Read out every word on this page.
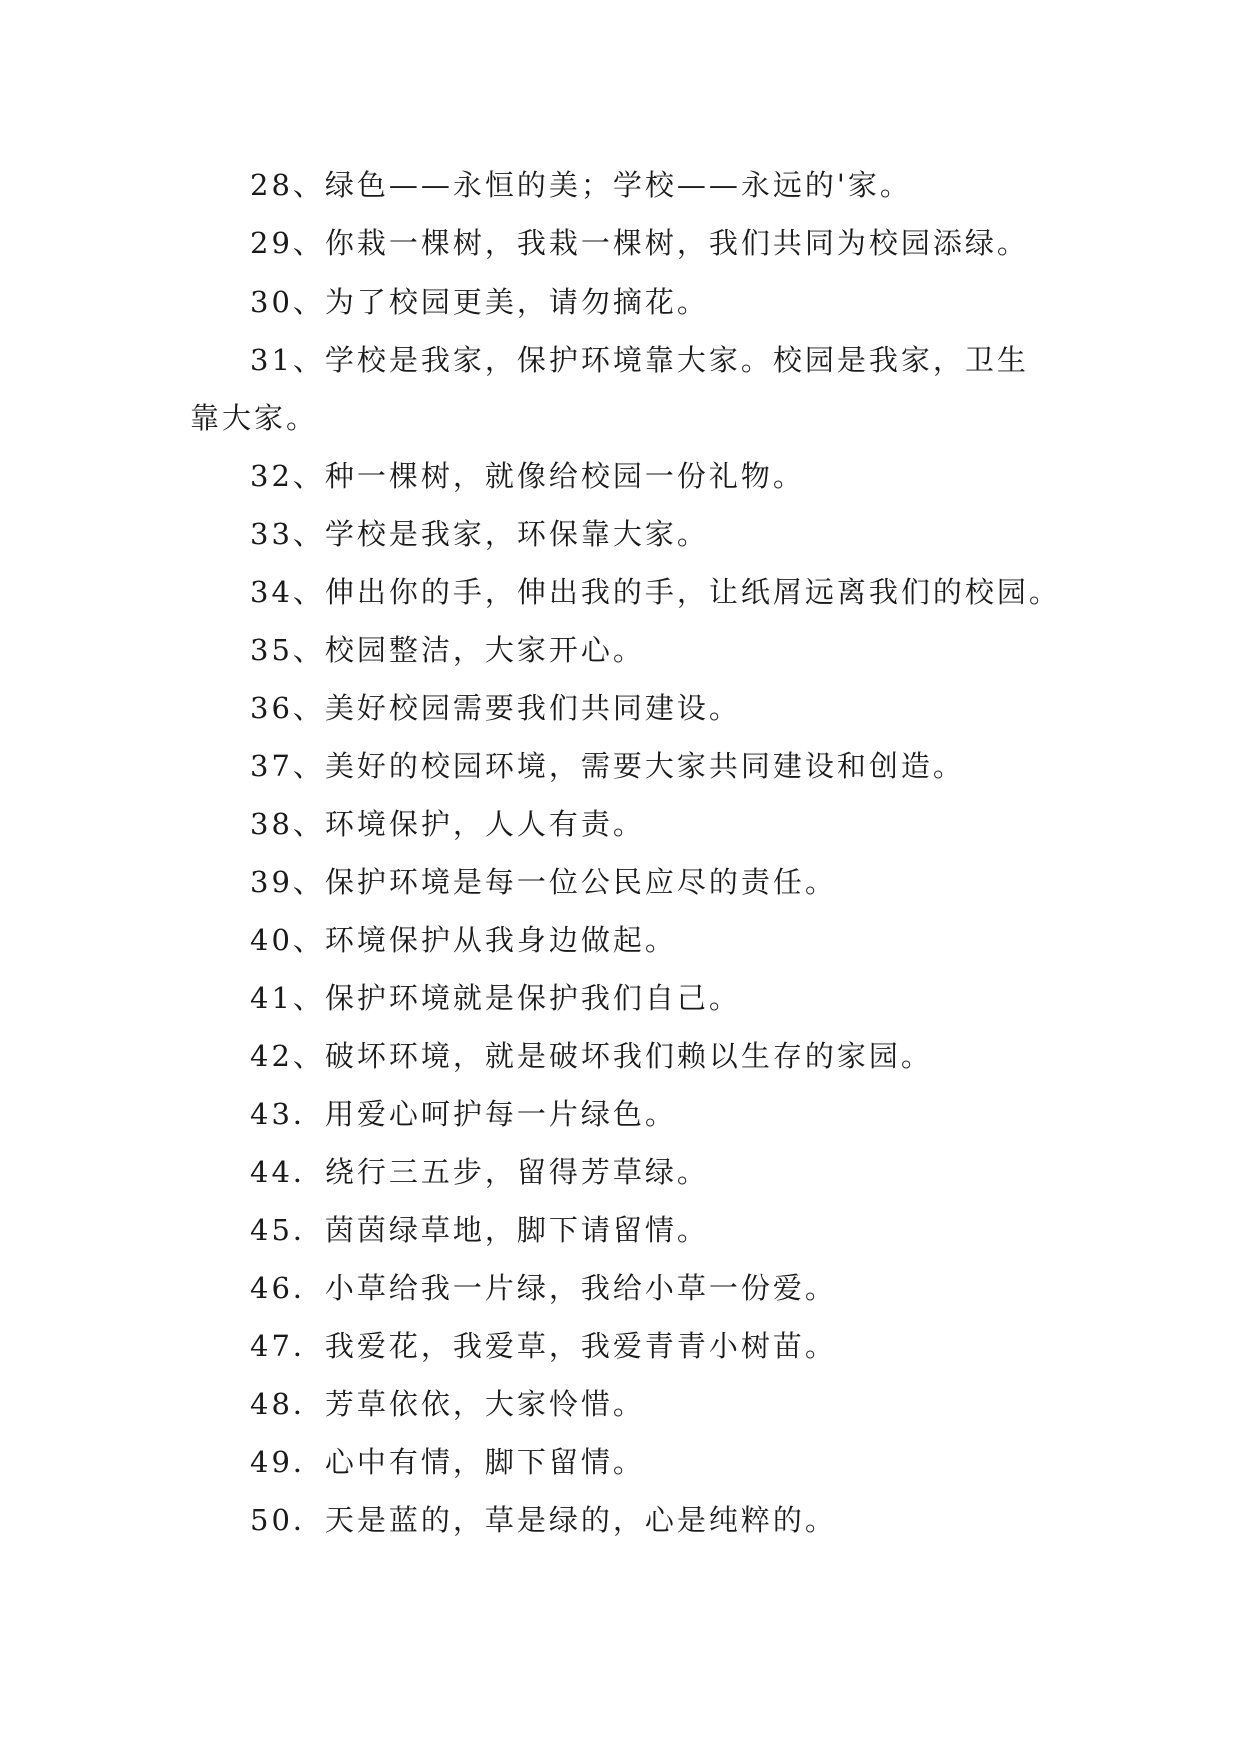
28、绿色——永恒的美；学校——永远的'家。
29、你栽一棵树，我栽一棵树，我们共同为校园添绿。
30、为了校园更美，请勿摘花。
31、学校是我家，保护环境靠大家。校园是我家，卫生
靠大家。
32、种一棵树，就像给校园一份礼物。
33、学校是我家，环保靠大家。
34、伸出你的手，伸出我的手，让纸屑远离我们的校园。
35、校园整洁，大家开心。
36、美好校园需要我们共同建设。
37、美好的校园环境，需要大家共同建设和创造。
38、环境保护，人人有责。
39、保护环境是每一位公民应尽的责任。
40、环境保护从我身边做起。
41、保护环境就是保护我们自己。
42、破坏环境，就是破坏我们赖以生存的家园。
43．用爱心呵护每一片绿色。
44．绕行三五步，留得芳草绿。
45．茵茵绿草地，脚下请留情。
46．小草给我一片绿，我给小草一份爱。
47．我爱花，我爱草，我爱青青小树苗。
48．芳草依依，大家怜惜。
49．心中有情，脚下留情。
50．天是蓝的，草是绿的，心是纯粹的。
